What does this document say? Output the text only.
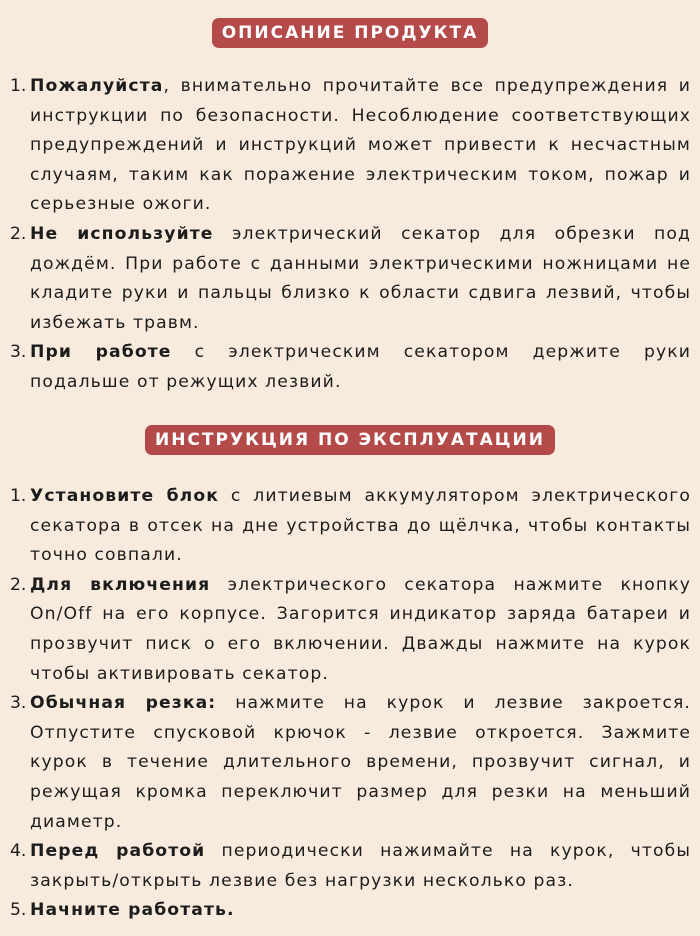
ОПИСАНИЕ ПРОДУКТА
1. Пожалуйста, внимательно прочитайте все предупреждения и инструкции по безопасности. Несоблюдение соответствующих предупреждений и инструкций может привести к несчастным случаям, таким как поражение электрическим током, пожар и серьезные ожоги.
2. Не используйте электрический секатор для обрезки под дождём. При работе с данными электрическими ножницами не кладите руки и пальцы близко к области сдвига лезвий, чтобы избежать травм.
3. При работе с электрическим секатором держите руки подальше от режущих лезвий.
ИНСТРУКЦИЯ ПО ЭКСПЛУАТАЦИИ
1. Установите блок с литиевым аккумулятором электрического секатора в отсек на дне устройства до щёлчка, чтобы контакты точно совпали.
2. Для включения электрического секатора нажмите кнопку On/Off на его корпусе. Загорится индикатор заряда батареи и прозвучит писк о его включении. Дважды нажмите на курок чтобы активировать секатор.
3. Обычная резка: нажмите на курок и лезвие закроется. Отпустите спусковой крючок - лезвие откроется. Зажмите курок в течение длительного времени, прозвучит сигнал, и режущая кромка переключит размер для резки на меньший диаметр.
4. Перед работой периодически нажимайте на курок, чтобы закрыть/открыть лезвие без нагрузки несколько раз.
5. Начните работать.
